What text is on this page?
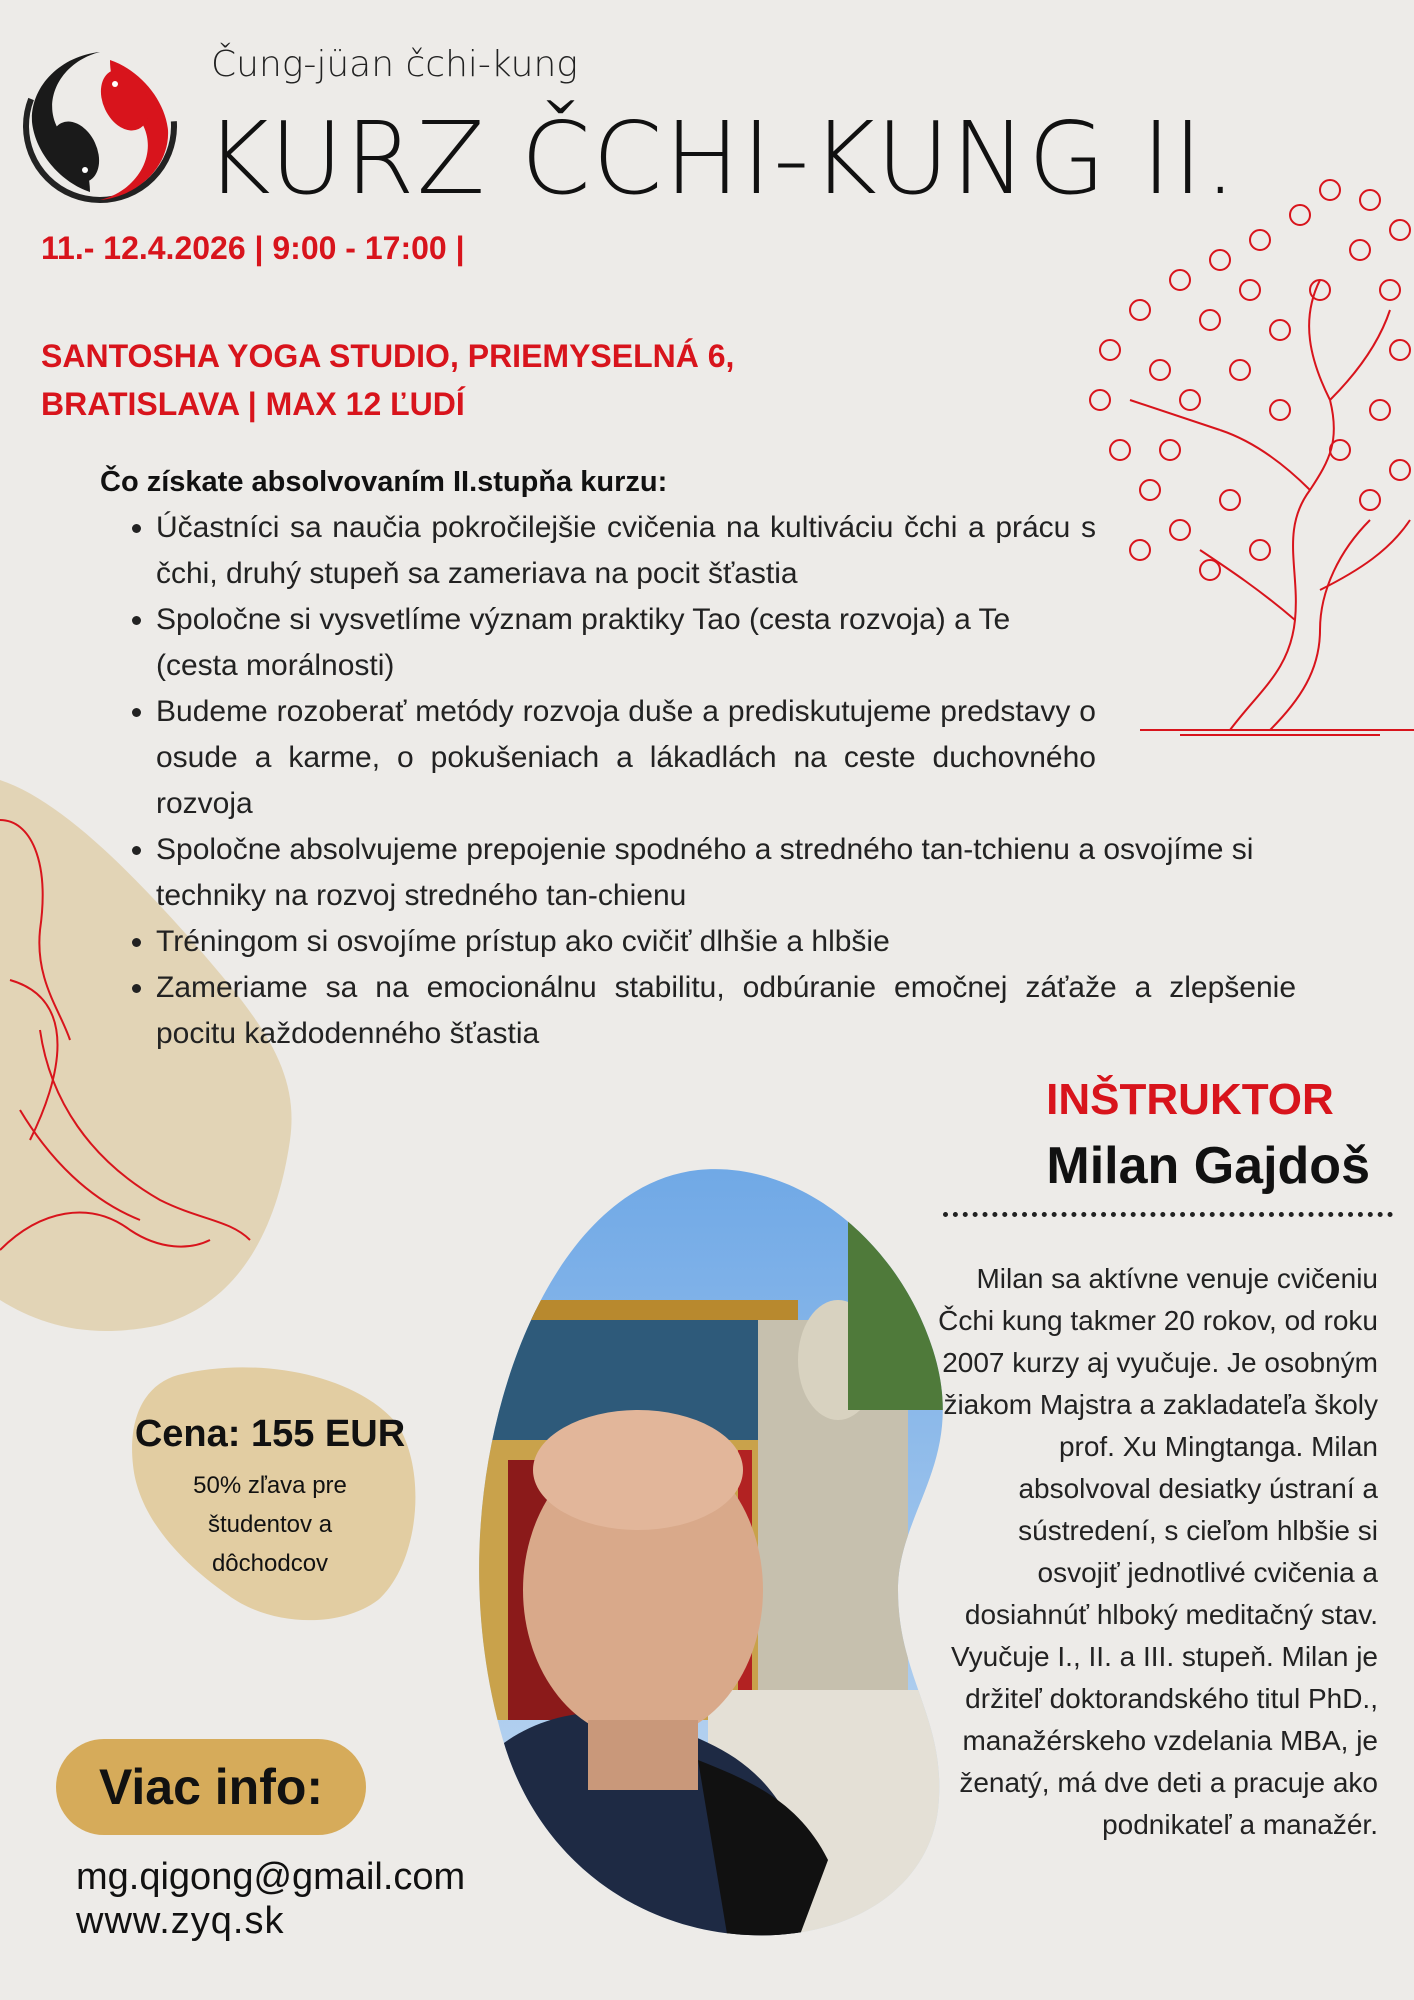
Čung-jüan čchi-kung
KURZ ČCHI-KUNG II.
11.- 12.4.2026 | 9:00 - 17:00 |
SANTOSHA YOGA STUDIO, PRIEMYSELNÁ 6,
BRATISLAVA | MAX 12 ĽUDÍ
Čo získate absolvovaním II.stupňa kurzu:
• Účastníci sa naučia pokročilejšie cvičenia na kultiváciu čchi a prácu s čchi, druhý stupeň sa zameriava na pocit šťastia
• Spoločne si vysvetlíme význam praktiky Tao (cesta rozvoja) a Te (cesta morálnosti)
• Budeme rozoberať metódy rozvoja duše a prediskutujeme predstavy o osude a karme, o pokušeniach a lákadlách na ceste duchovného rozvoja
• Spoločne absolvujeme prepojenie spodného a stredného tan-tchienu a osvojíme si techniky na rozvoj stredného tan-chienu
• Tréningom si osvojíme prístup ako cvičiť dlhšie a hlbšie
• Zameriame sa na emocionálnu stabilitu, odbúranie emočnej záťaže a zlepšenie pocitu každodenného šťastia
INŠTRUKTOR
Milan Gajdoš
Milan sa aktívne venuje cvičeniu Čchi kung takmer 20 rokov, od roku 2007 kurzy aj vyučuje. Je osobným žiakom Majstra a zakladateľa školy prof. Xu Mingtanga. Milan absolvoval desiatky ústraní a sústredení, s cieľom hlbšie si osvojiť jednotlivé cvičenia a dosiahnúť hlboký meditačný stav. Vyučuje I., II. a III. stupeň. Milan je držiteľ doktorandského titul PhD., manažérskeho vzdelania MBA, je ženatý, má dve deti a pracuje ako podnikateľ a manažér.
Cena: 155 EUR
50% zľava pre študentov a dôchodcov
Viac info:
mg.qigong@gmail.com
www.zyq.sk
